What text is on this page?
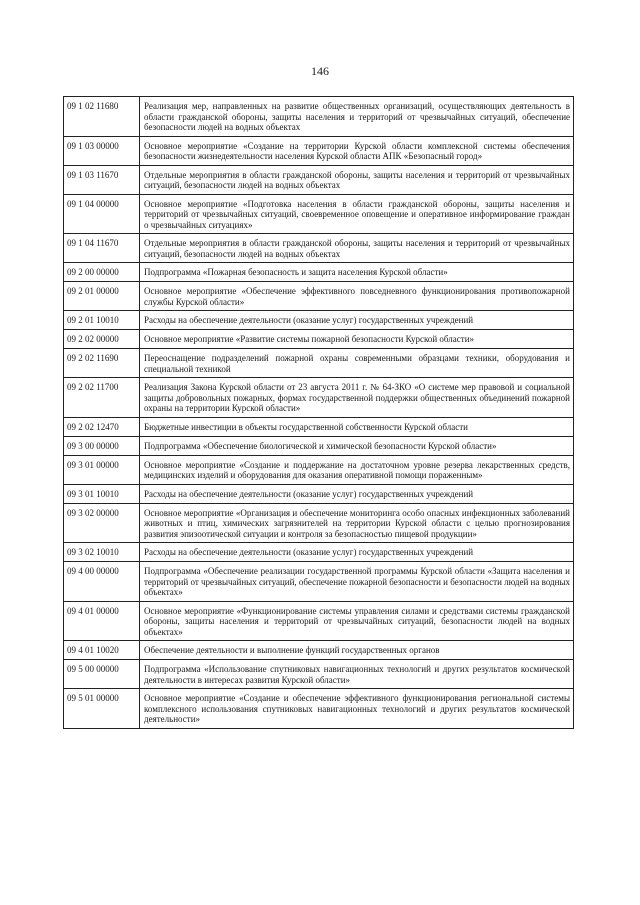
146
09 1 02 11680	Реализация мер, направленных на развитие общественных организаций, осуществляющих деятельность в области гражданской обороны, защиты населения и территорий от чрезвычайных ситуаций, обеспечение безопасности людей на водных объектах
09 1 03 00000	Основное мероприятие «Создание на территории Курской области комплексной системы обеспечения безопасности жизнедеятельности населения Курской области АПК «Безопасный город»
09 1 03 11670	Отдельные мероприятия в области гражданской обороны, защиты населения и территорий от чрезвычайных ситуаций, безопасности людей на водных объектах
09 1 04 00000	Основное мероприятие «Подготовка населения в области гражданской обороны, защиты населения и территорий от чрезвычайных ситуаций, своевременное оповещение и оперативное информирование граждан о чрезвычайных ситуациях»
09 1 04 11670	Отдельные мероприятия в области гражданской обороны, защиты населения и территорий от чрезвычайных ситуаций, безопасности людей на водных объектах
09 2 00 00000	Подпрограмма «Пожарная безопасность и защита населения Курской области»
09 2 01 00000	Основное мероприятие «Обеспечение эффективного повседневного функционирования противопожарной службы Курской области»
09 2 01 10010	Расходы на обеспечение деятельности (оказание услуг) государственных учреждений
09 2 02 00000	Основное мероприятие «Развитие системы пожарной безопасности Курской области»
09 2 02 11690	Переоснащение подразделений пожарной охраны современными образцами техники, оборудования и специальной техникой
09 2 02 11700	Реализация Закона Курской области от 23 августа 2011 г. № 64-ЗКО «О системе мер правовой и социальной защиты добровольных пожарных, формах государственной поддержки общественных объединений пожарной охраны на территории Курской области»
09 2 02 12470	Бюджетные инвестиции в объекты государственной собственности Курской области
09 3 00 00000	Подпрограмма «Обеспечение биологической и химической безопасности Курской области»
09 3 01 00000	Основное мероприятие «Создание и поддержание на достаточном уровне резерва лекарственных средств, медицинских изделий и оборудования для оказания оперативной помощи пораженным»
09 3 01 10010	Расходы на обеспечение деятельности (оказание услуг) государственных учреждений
09 3 02 00000	Основное мероприятие «Организация и обеспечение мониторинга особо опасных инфекционных заболеваний животных и птиц, химических загрязнителей на территории Курской области с целью прогнозирования развития эпизоотической ситуации и контроля за безопасностью пищевой продукции»
09 3 02 10010	Расходы на обеспечение деятельности (оказание услуг) государственных учреждений
09 4 00 00000	Подпрограмма «Обеспечение реализации государственной программы Курской области «Защита населения и территорий от чрезвычайных ситуаций, обеспечение пожарной безопасности и безопасности людей на водных объектах»
09 4 01 00000	Основное мероприятие «Функционирование системы управления силами и средствами системы гражданской обороны, защиты населения и территорий от чрезвычайных ситуаций, безопасности людей на водных объектах»
09 4 01 10020	Обеспечение деятельности и выполнение функций государственных органов
09 5 00 00000	Подпрограмма «Использование спутниковых навигационных технологий и других результатов космической деятельности в интересах развития Курской области»
09 5 01 00000	Основное мероприятие «Создание и обеспечение эффективного функционирования региональной системы комплексного использования спутниковых навигационных технологий и других результатов космической деятельности»
